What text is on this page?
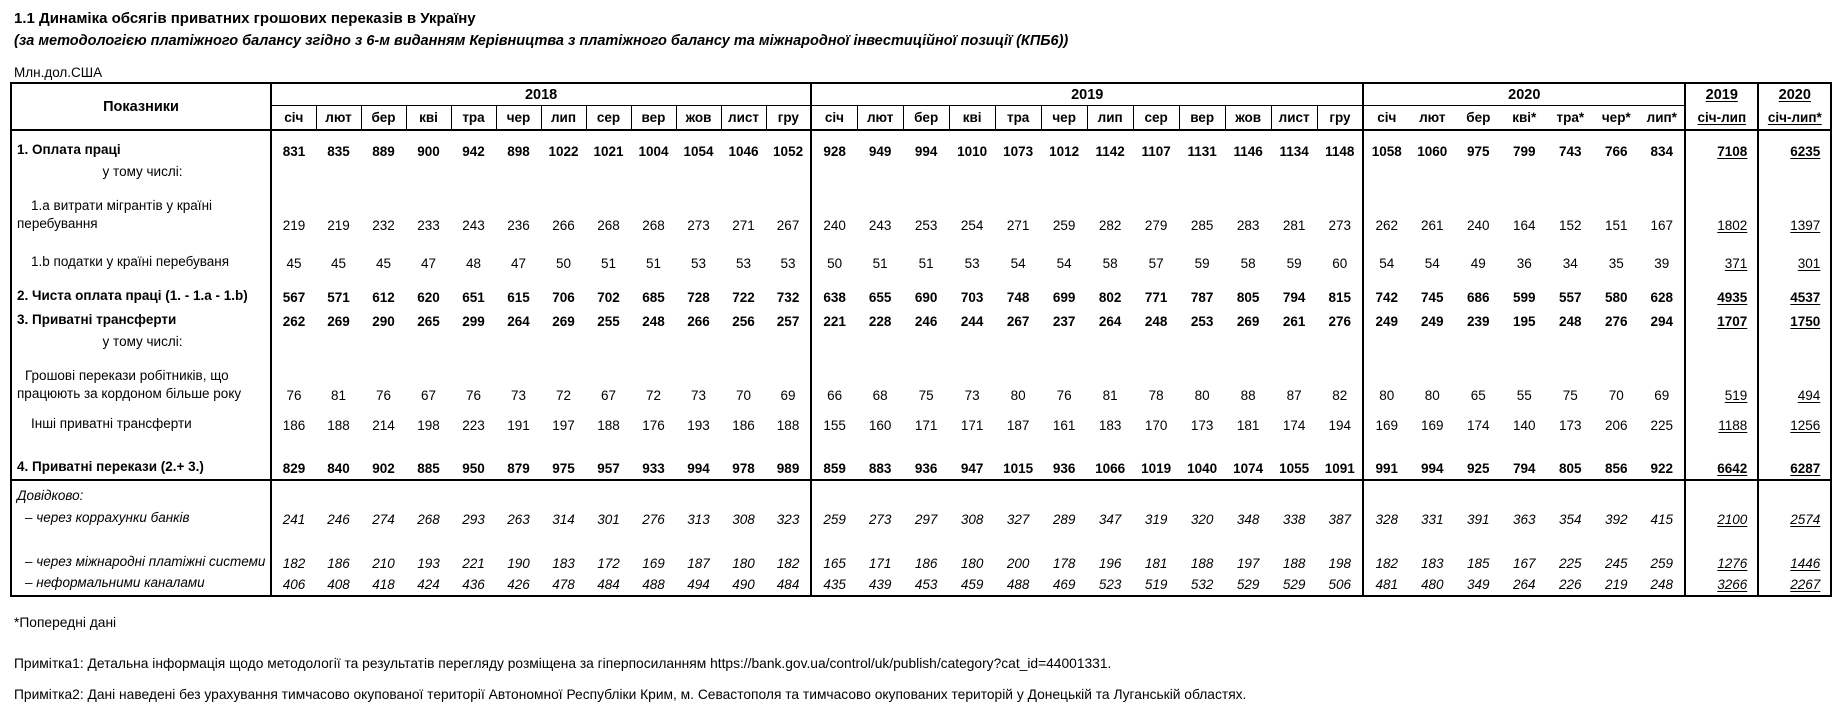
1.1 Динаміка обсягів приватних грошових переказів в Україну
(за методологією платіжного балансу згідно з 6-м виданням Керівництва з платіжного балансу та міжнародної інвестиційної позиції (КПБ6))
Млн.дол.США
Показники	2018												2019												2020							2019	2020
	січ	лют	бер	кві	тра	чер	лип	сер	вер	жов	лист	гру	січ	лют	бер	кві	тра	чер	лип	сер	вер	жов	лист	гру	січ	лют	бер	кві*	тра*	чер*	лип*	січ-лип	січ-лип*
1. Оплата праці	831	835	889	900	942	898	1022	1021	1004	1054	1046	1052	928	949	994	1010	1073	1012	1142	1107	1131	1146	1134	1148	1058	1060	975	799	743	766	834	7108	6235
у тому числі:																																	
1.a витрати мігрантів у країні перебування	219	219	232	233	243	236	266	268	268	273	271	267	240	243	253	254	271	259	282	279	285	283	281	273	262	261	240	164	152	151	167	1802	1397
1.b податки у країні перебуваня	45	45	45	47	48	47	50	51	51	53	53	53	50	51	51	53	54	54	58	57	59	58	59	60	54	54	49	36	34	35	39	371	301
2. Чиста оплата праці (1. - 1.a - 1.b)	567	571	612	620	651	615	706	702	685	728	722	732	638	655	690	703	748	699	802	771	787	805	794	815	742	745	686	599	557	580	628	4935	4537
3. Приватні трансферти	262	269	290	265	299	264	269	255	248	266	256	257	221	228	246	244	267	237	264	248	253	269	261	276	249	249	239	195	248	276	294	1707	1750
у тому числі:																																	
Грошові перекази робітників, що працюють за кордоном більше року	76	81	76	67	76	73	72	67	72	73	70	69	66	68	75	73	80	76	81	78	80	88	87	82	80	80	65	55	75	70	69	519	494
Інші приватні трансферти	186	188	214	198	223	191	197	188	176	193	186	188	155	160	171	171	187	161	183	170	173	181	174	194	169	169	174	140	173	206	225	1188	1256
4. Приватні перекази (2.+ 3.)	829	840	902	885	950	879	975	957	933	994	978	989	859	883	936	947	1015	936	1066	1019	1040	1074	1055	1091	991	994	925	794	805	856	922	6642	6287
Довідково:																																	
– через коррахунки банків	241	246	274	268	293	263	314	301	276	313	308	323	259	273	297	308	327	289	347	319	320	348	338	387	328	331	391	363	354	392	415	2100	2574
– через міжнародні платіжні системи	182	186	210	193	221	190	183	172	169	187	180	182	165	171	186	180	200	178	196	181	188	197	188	198	182	183	185	167	225	245	259	1276	1446
– неформальними каналами	406	408	418	424	436	426	478	484	488	494	490	484	435	439	453	459	488	469	523	519	532	529	529	506	481	480	349	264	226	219	248	3266	2267
*Попередні дані
Примітка1: Детальна інформація щодо методології та результатів перегляду розміщена за гіперпосиланням https://bank.gov.ua/control/uk/publish/category?cat_id=44001331.
Примітка2: Дані наведені без урахування тимчасово окупованої території Автономної Республіки Крим, м. Севастополя та тимчасово окупованих територій у Донецькій та Луганській областях.
